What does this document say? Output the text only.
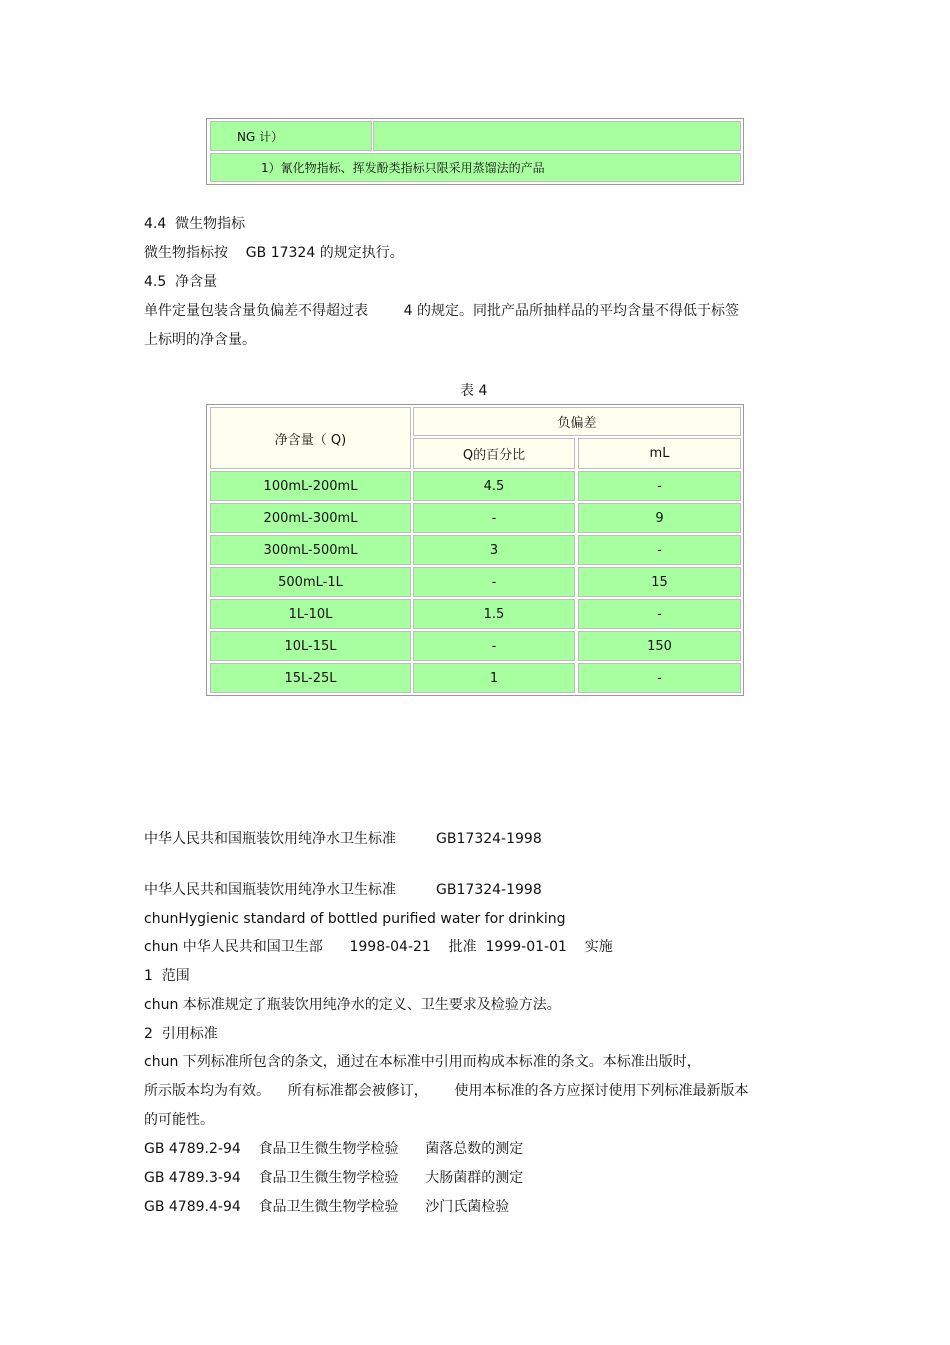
NG 计）
1）氰化物指标、挥发酚类指标只限采用蒸馏法的产品
4.4  微生物指标
微生物指标按    GB 17324 的规定执行。
4.5  净含量
单件定量包装含量负偏差不得超过表        4 的规定。同批产品所抽样品的平均含量不得低于标签
上标明的净含量。
表 4
净含量（ Q)
负偏差
Q的百分比	mL
100mL-200mL	4.5	-
200mL-300mL	-	9
300mL-500mL	3	-
500mL-1L	-	15
1L-10L	1.5	-
10L-15L	-	150
15L-25L	1	-
中华人民共和国瓶装饮用纯净水卫生标准         GB17324-1998
中华人民共和国瓶装饮用纯净水卫生标准         GB17324-1998
chunHygienic standard of bottled purified water for drinking
chun 中华人民共和国卫生部      1998-04-21    批准  1999-01-01    实施
1  范围
chun 本标准规定了瓶装饮用纯净水的定义、卫生要求及检验方法。
2  引用标准
chun 下列标准所包含的条文，通过在本标准中引用而构成本标准的条文。本标准出版时，
所示版本均为有效。    所有标准都会被修订，      使用本标准的各方应探讨使用下列标准最新版本
的可能性。
GB 4789.2-94    食品卫生微生物学检验      菌落总数的测定
GB 4789.3-94    食品卫生微生物学检验      大肠菌群的测定
GB 4789.4-94    食品卫生微生物学检验      沙门氏菌检验
